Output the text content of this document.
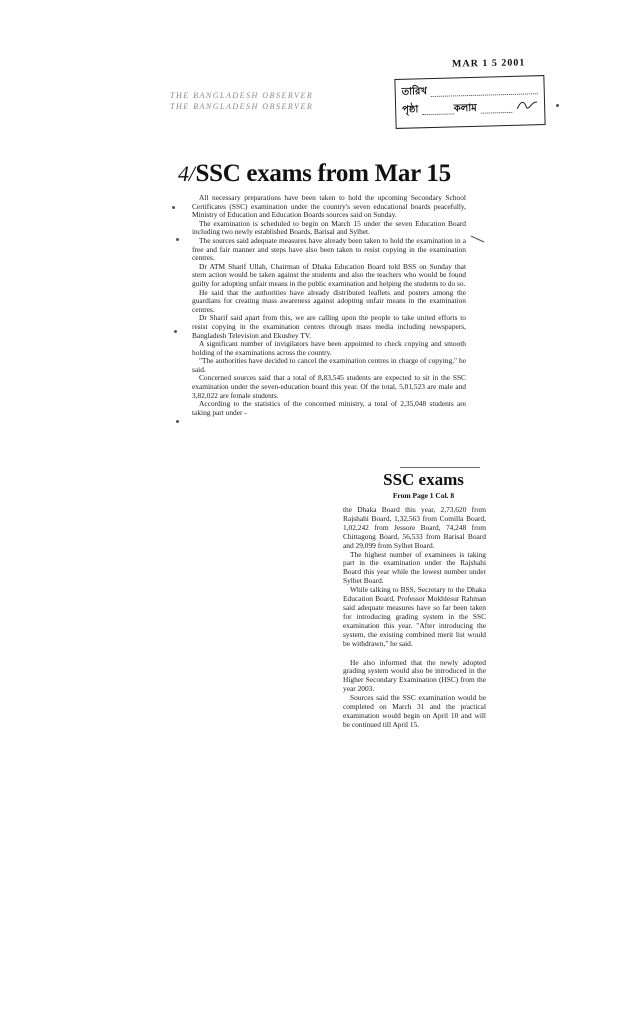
MAR 1 5 2001
THE BANGLADESH OBSERVER
THE BANGLADESH OBSERVER
তারিখ
পৃষ্ঠা	কলাম
4/SSC exams from Mar 15

All necessary preparations have been taken to hold the upcoming Secondary School Certificates (SSC) examination under the country's seven educational boards peacefully, Ministry of Education and Education Boards sources said on Sunday.

The examination is scheduled to begin on March 15 under the seven Education Board including two newly established Boards, Barisal and Sylhet.

The sources said adequate measures have already been taken to hold the examination in a free and fair manner and steps have also been taken to resist copying in the examination centres.

Dr ATM Sharif Ullah, Chairman of Dhaka Education Board told BSS on Sunday that stern action would be taken against the students and also the teachers who would be found guilty for adopting unfair means in the public examination and helping the students to do so.

He said that the authorities have already distributed leaflets and posters among the guardians for creating mass awareness against adopting unfair means in the examination centres.

Dr Sharif said apart from this, we are calling upon the people to take united efforts to resist copying in the examination centres through mass media including newspapers, Bangladesh Television and Ekushey TV.

A significant number of invigilators have been appointed to check copying and smooth holding of the examinations across the country.

"The authorities have decided to cancel the examination centres in charge of copying," he said.

Concerned sources said that a total of 8,83,545 students are expected to sit in the SSC examination under the seven-education board this year. Of the total, 5,01,523 are male and 3,82,022 are female students.

According to the statistics of the concerned ministry, a total of 2,35,048 students are taking part under -

SSC exams
From Page 1 Col. 8

the Dhaka Board this year, 2,73,620 from Rajshahi Board, 1,32,563 from Comilla Board, 1,02,242 from Jessore Board, 74,248 from Chittagong Board, 56,533 from Barisal Board and 29,099 from Sylhet Board.

The highest number of examinees is taking part in the examination under the Rajshahi Board this year while the lowest number under Sylhet Board.

While talking to BSS, Secretary to the Dhaka Education Board, Professor Mokhlesur Rahman said adequate measures have so far been taken for introducing grading system in the SSC examination this year. "After introducing the system, the existing combined merit list would be withdrawn," he said.

He also informed that the newly adopted grading system would also be introduced in the Higher Secondary Examination (HSC) from the year 2003.

Sources said the SSC examination would be completed on March 31 and the practical examination would begin on April 10 and will be continued till April 15.
